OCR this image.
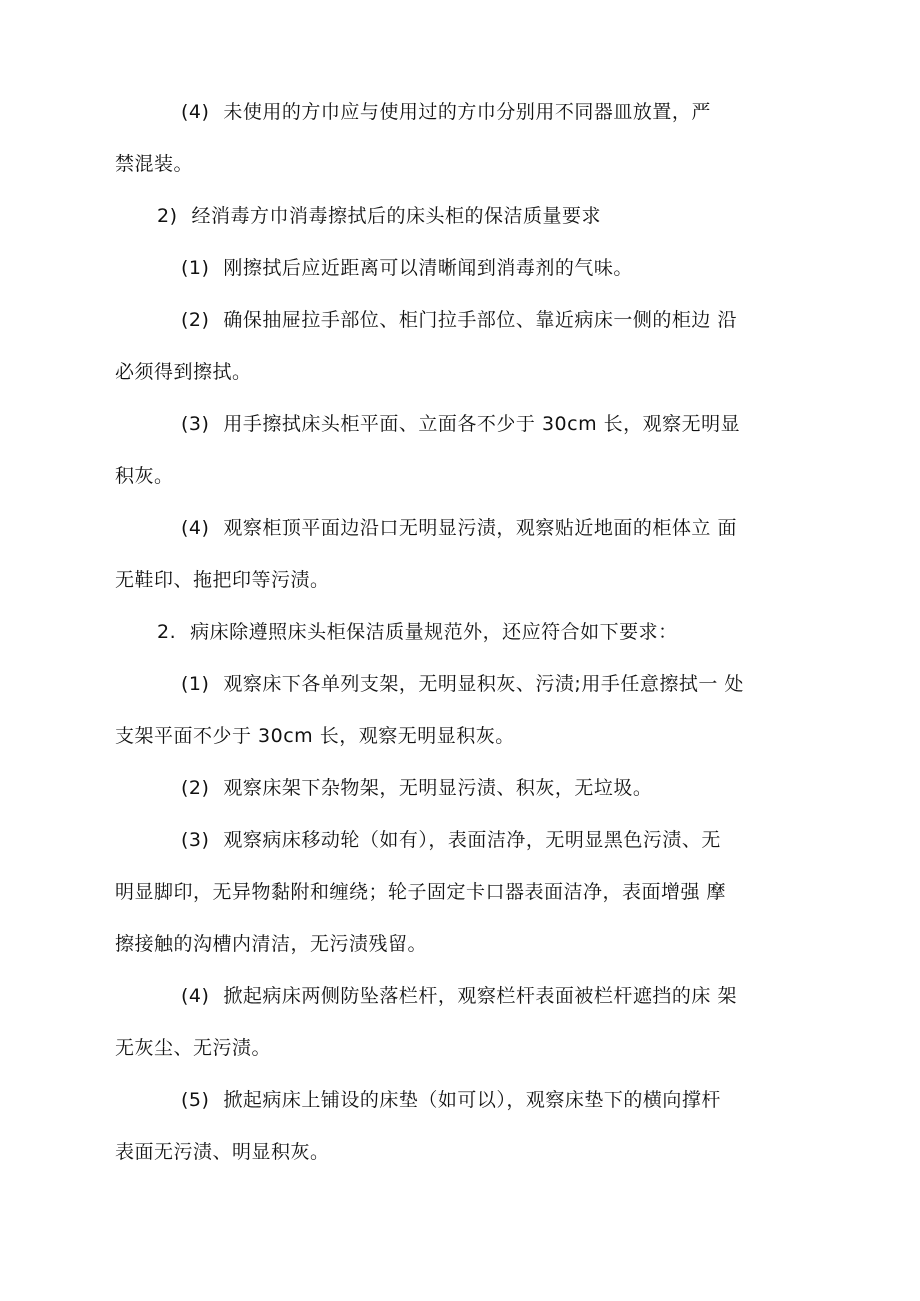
(4) 未使用的方巾应与使用过的方巾分别用不同器皿放置，严
禁混装。
2) 经消毒方巾消毒擦拭后的床头柜的保洁质量要求
(1) 刚擦拭后应近距离可以清晰闻到消毒剂的气味。
(2) 确保抽屉拉手部位、柜门拉手部位、靠近病床一侧的柜边 沿
必须得到擦拭。
(3) 用手擦拭床头柜平面、立面各不少于 30cm 长，观察无明显
积灰。
(4) 观察柜顶平面边沿口无明显污渍，观察贴近地面的柜体立 面
无鞋印、拖把印等污渍。
2. 病床除遵照床头柜保洁质量规范外，还应符合如下要求：
(1) 观察床下各单列支架，无明显积灰、污渍;用手任意擦拭一 处
支架平面不少于 30cm 长，观察无明显积灰。
(2) 观察床架下杂物架，无明显污渍、积灰，无垃圾。
(3) 观察病床移动轮（如有），表面洁净，无明显黑色污渍、无
明显脚印，无异物黏附和缠绕；轮子固定卡口器表面洁净，表面增强 摩
擦接触的沟槽内清洁，无污渍残留。
(4) 掀起病床两侧防坠落栏杆，观察栏杆表面被栏杆遮挡的床 架
无灰尘、无污渍。
(5) 掀起病床上铺设的床垫（如可以），观察床垫下的横向撑杆
表面无污渍、明显积灰。
